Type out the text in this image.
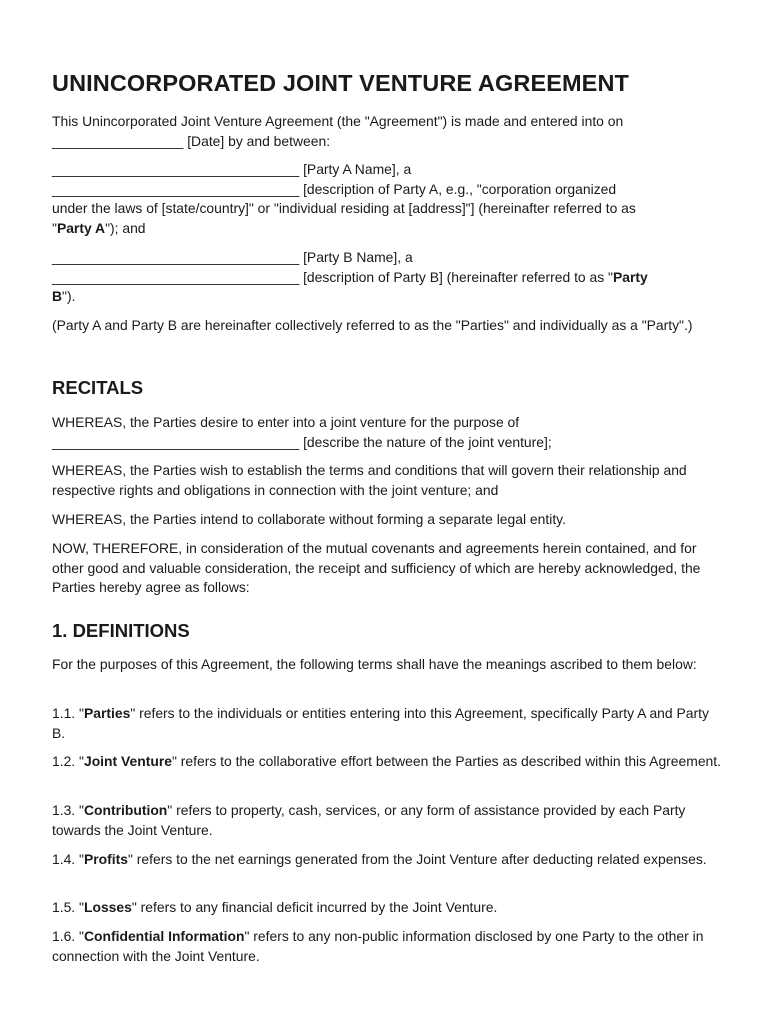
UNINCORPORATED JOINT VENTURE AGREEMENT

This Unincorporated Joint Venture Agreement (the "Agreement") is made and entered into on
_________________ [Date] by and between:

________________________________ [Party A Name], a
________________________________ [description of Party A, e.g., "corporation organized
under the laws of [state/country]" or "individual residing at [address]"] (hereinafter referred to as
"Party A"); and

________________________________ [Party B Name], a
________________________________ [description of Party B] (hereinafter referred to as "Party
B").

(Party A and Party B are hereinafter collectively referred to as the "Parties" and individually as a "Party".)

RECITALS

WHEREAS, the Parties desire to enter into a joint venture for the purpose of
________________________________ [describe the nature of the joint venture];

WHEREAS, the Parties wish to establish the terms and conditions that will govern their relationship and respective rights and obligations in connection with the joint venture; and

WHEREAS, the Parties intend to collaborate without forming a separate legal entity.

NOW, THEREFORE, in consideration of the mutual covenants and agreements herein contained, and for other good and valuable consideration, the receipt and sufficiency of which are hereby acknowledged, the Parties hereby agree as follows:

1. DEFINITIONS

For the purposes of this Agreement, the following terms shall have the meanings ascribed to them below:

1.1. "Parties" refers to the individuals or entities entering into this Agreement, specifically Party A and Party B.

1.2. "Joint Venture" refers to the collaborative effort between the Parties as described within this Agreement.

1.3. "Contribution" refers to property, cash, services, or any form of assistance provided by each Party towards the Joint Venture.

1.4. "Profits" refers to the net earnings generated from the Joint Venture after deducting related expenses.

1.5. "Losses" refers to any financial deficit incurred by the Joint Venture.

1.6. "Confidential Information" refers to any non-public information disclosed by one Party to the other in connection with the Joint Venture.
